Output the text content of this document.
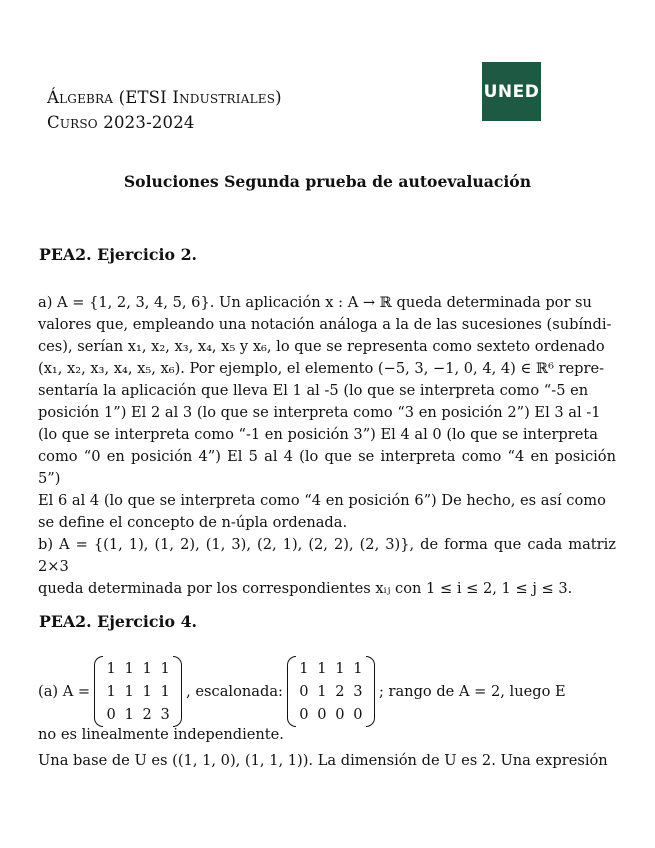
Álgebra (ETSI Industriales)
Curso 2023-2024
UNED
Soluciones Segunda prueba de autoevaluación
PEA2. Ejercicio 2.

a) A = {1, 2, 3, 4, 5, 6}. Un aplicación x : A → ℝ queda determinada por su

valores que, empleando una notación análoga a la de las sucesiones (subíndi-

ces), serían x₁, x₂, x₃, x₄, x₅ y x₆, lo que se representa como sexteto ordenado

(x₁, x₂, x₃, x₄, x₅, x₆). Por ejemplo, el elemento (−5, 3, −1, 0, 4, 4) ∈ ℝ⁶ repre-

sentaría la aplicación que lleva El 1 al -5 (lo que se interpreta como “-5 en

posición 1”) El 2 al 3 (lo que se interpreta como “3 en posición 2”) El 3 al -1

(lo que se interpreta como “-1 en posición 3”) El 4 al 0 (lo que se interpreta

como “0 en posición 4”) El 5 al 4 (lo que se interpreta como “4 en posición 5”)

El 6 al 4 (lo que se interpreta como “4 en posición 6”) De hecho, es así como

se define el concepto de n-úpla ordenada.

b) A = {(1, 1), (1, 2), (1, 3), (2, 1), (2, 2), (2, 3)}, de forma que cada matriz 2×3

queda determinada por los correspondientes xᵢⱼ con 1 ≤ i ≤ 2, 1 ≤ j ≤ 3.

PEA2. Ejercicio 4.
(a) A =
1 1 1 1
1 1 1 1
0 1 2 3
, escalonada:
1 1 1 1
0 1 2 3
0 0 0 0
; rango de A = 2, luego E

no es linealmente independiente.

Una base de U es ((1, 1, 0), (1, 1, 1)). La dimensión de U es 2. Una expresión
